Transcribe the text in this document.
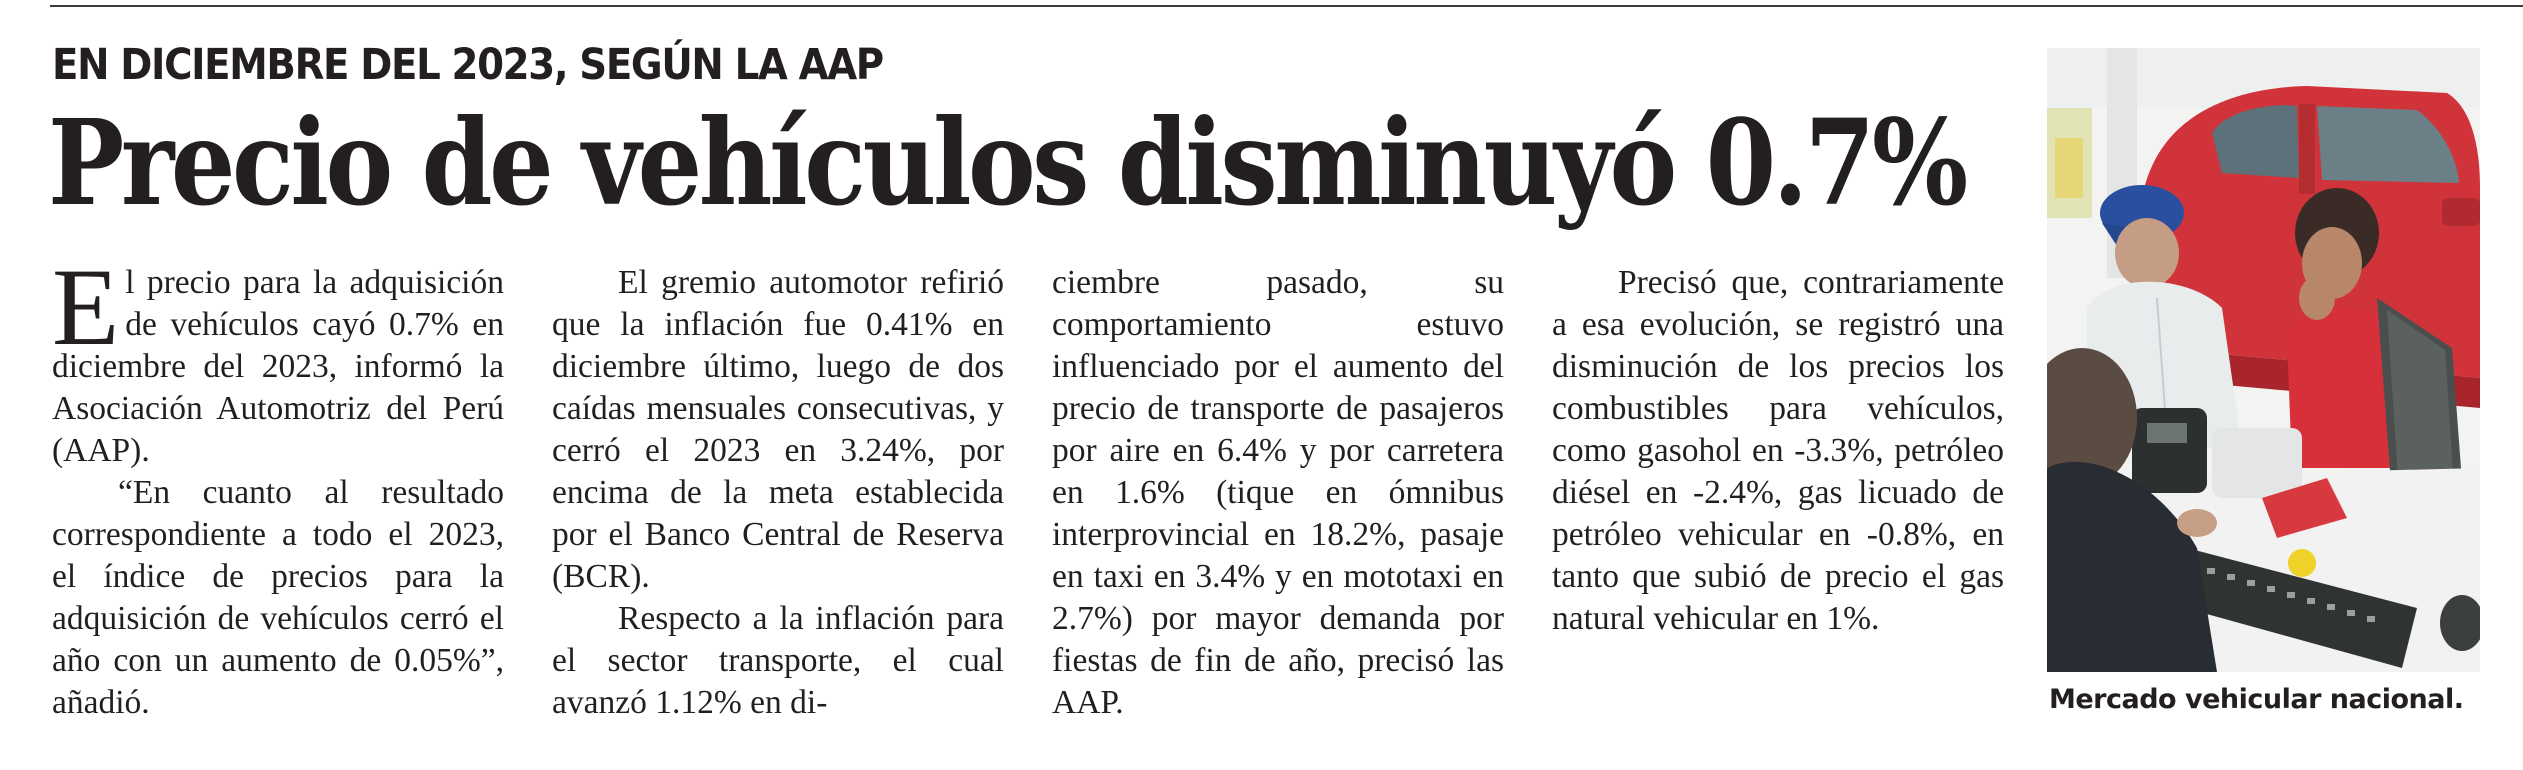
EN DICIEMBRE DEL 2023, SEGÚN LA AAP
Precio de vehículos disminuyó 0.7%

El precio para la adquisición de vehículos cayó 0.7% en diciembre del 2023, informó la Asociación Automotriz del Perú (AAP).

“En cuanto al resultado correspondiente a todo el 2023, el índice de precios para la adquisición de vehículos cerró el año con un aumento de 0.05%”, añadió.

El gremio automotor refirió que la inflación fue 0.41% en diciembre último, luego de dos caídas mensuales consecutivas, y cerró el 2023 en 3.24%, por encima de la meta establecida por el Banco Central de Reserva (BCR).

Respecto a la inflación para el sector transporte, el cual avanzó 1.12% en di-

ciembre pasado, su comportamiento estuvo influenciado por el aumento del precio de transporte de pasajeros por aire en 6.4% y por carretera en 1.6% (tique en ómnibus interprovincial en 18.2%, pasaje en taxi en 3.4% y en mototaxi en 2.7%) por mayor demanda por fiestas de fin de año, precisó las AAP.

Precisó que, contrariamente a esa evolución, se registró una disminución de los precios los combustibles para vehículos, como gasohol en -3.3%, petróleo diésel en -2.4%, gas licuado de petróleo vehicular en -0.8%, en tanto que subió de precio el gas natural vehicular en 1%.

Mercado vehicular nacional.
